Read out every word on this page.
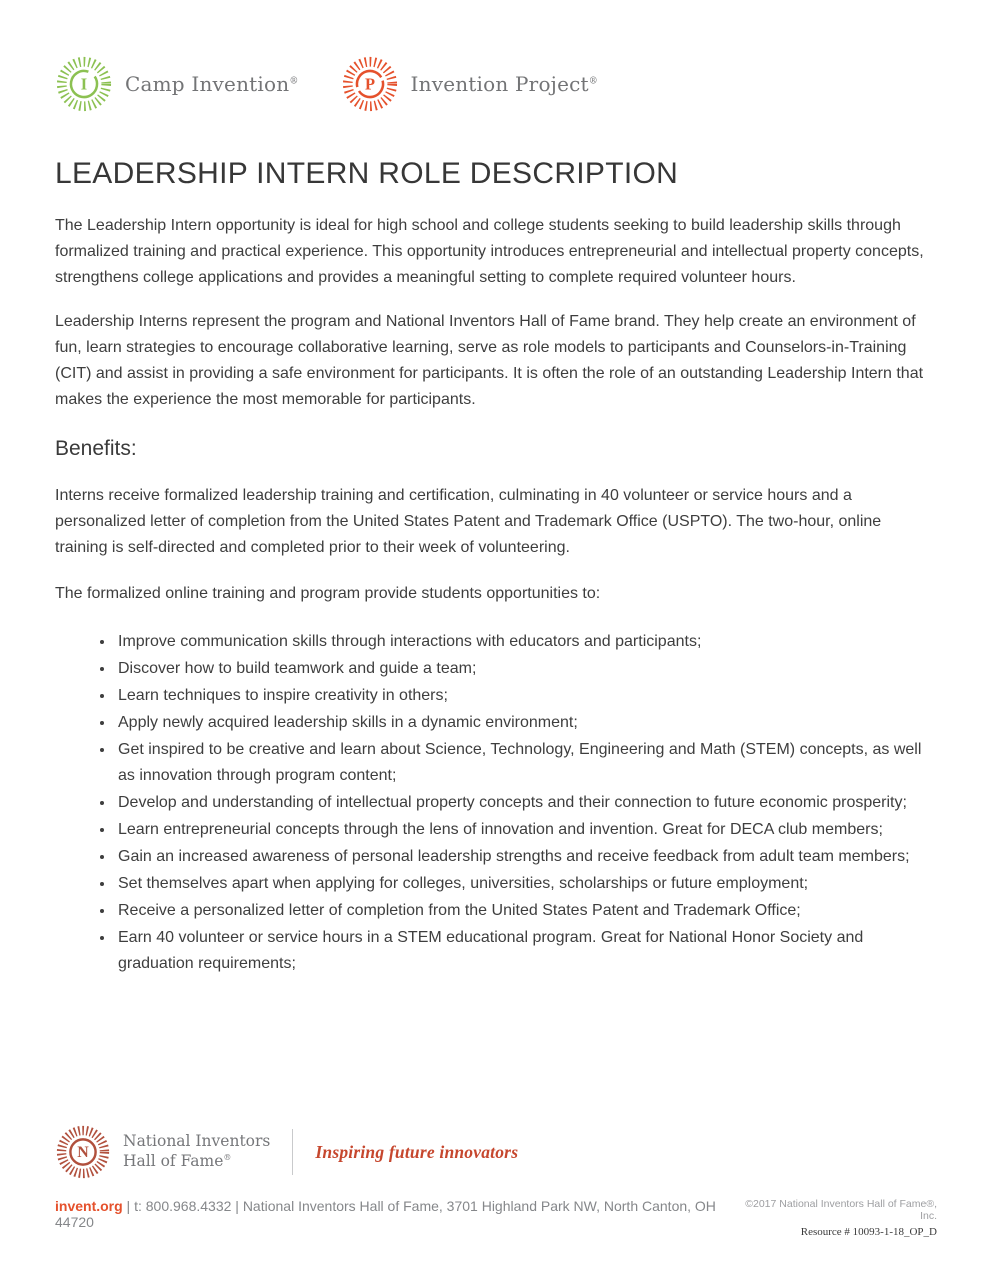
I Camp Invention®	P Invention Project®
LEADERSHIP INTERN ROLE DESCRIPTION

The Leadership Intern opportunity is ideal for high school and college students seeking to build leadership skills through formalized training and practical experience. This opportunity introduces entrepreneurial and intellectual property concepts, strengthens college applications and provides a meaningful setting to complete required volunteer hours.

Leadership Interns represent the program and National Inventors Hall of Fame brand. They help create an environment of fun, learn strategies to encourage collaborative learning, serve as role models to participants and Counselors-in-Training (CIT) and assist in providing a safe environment for participants. It is often the role of an outstanding Leadership Intern that makes the experience the most memorable for participants.

Benefits:

Interns receive formalized leadership training and certification, culminating in 40 volunteer or service hours and a personalized letter of completion from the United States Patent and Trademark Office (USPTO). The two-hour, online training is self-directed and completed prior to their week of volunteering.

The formalized online training and program provide students opportunities to:

• Improve communication skills through interactions with educators and participants;
• Discover how to build teamwork and guide a team;
• Learn techniques to inspire creativity in others;
• Apply newly acquired leadership skills in a dynamic environment;
• Get inspired to be creative and learn about Science, Technology, Engineering and Math (STEM) concepts, as well as innovation through program content;
• Develop and understanding of intellectual property concepts and their connection to future economic prosperity;
• Learn entrepreneurial concepts through the lens of innovation and invention. Great for DECA club members;
• Gain an increased awareness of personal leadership strengths and receive feedback from adult team members;
• Set themselves apart when applying for colleges, universities, scholarships or future employment;
• Receive a personalized letter of completion from the United States Patent and Trademark Office;
• Earn 40 volunteer or service hours in a STEM educational program. Great for National Honor Society and graduation requirements;
N
National Inventors
Hall of Fame®	Inspiring future innovators
invent.org | t: 800.968.4332 | National Inventors Hall of Fame, 3701 Highland Park NW, North Canton, OH 44720
©2017 National Inventors Hall of Fame®, Inc.
Resource # 10093-1-18_OP_D
